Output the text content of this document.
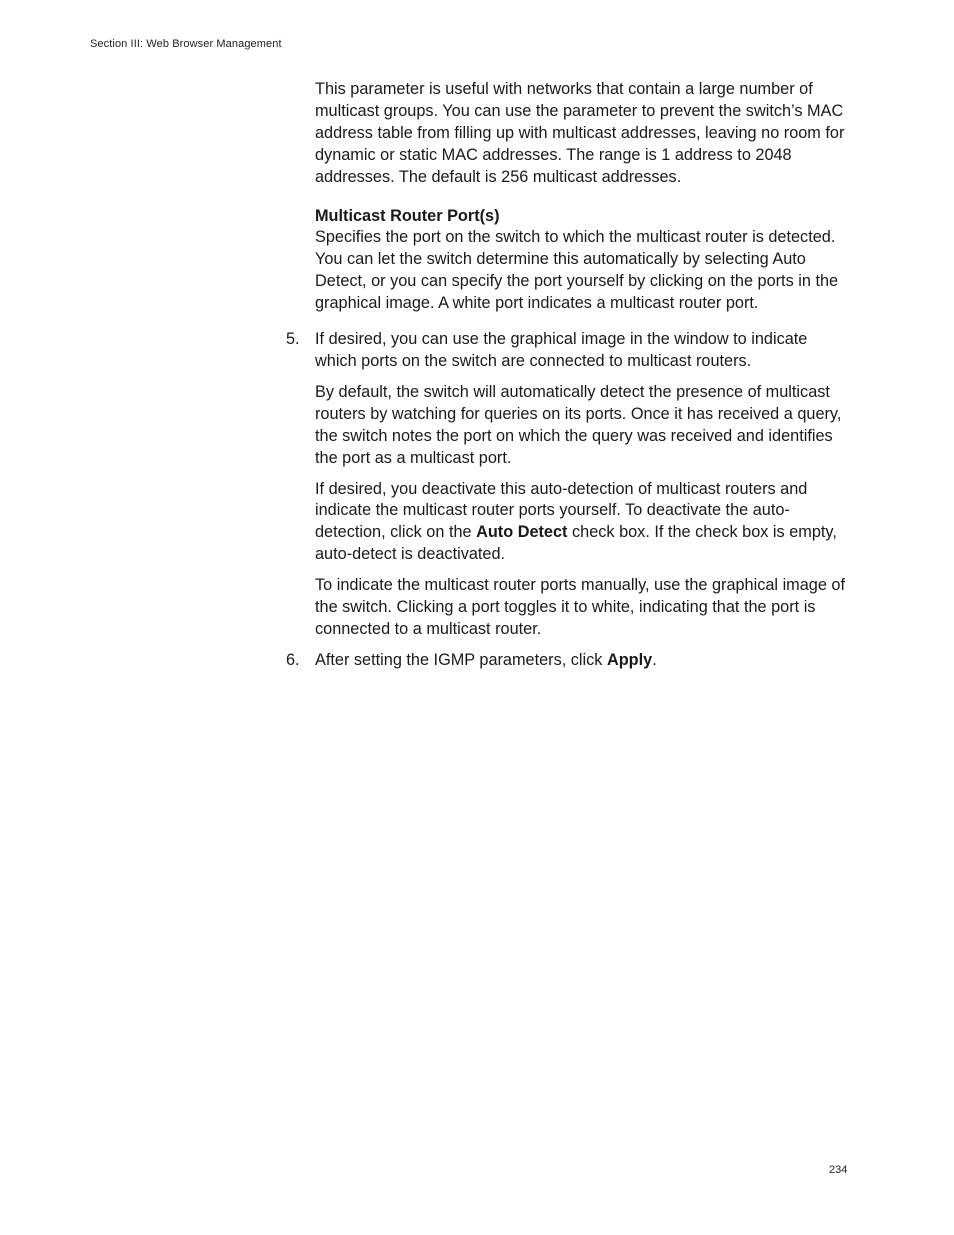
Section III: Web Browser Management

This parameter is useful with networks that contain a large number of multicast groups. You can use the parameter to prevent the switch’s MAC address table from filling up with multicast addresses, leaving no room for dynamic or static MAC addresses. The range is 1 address to 2048 addresses. The default is 256 multicast addresses.

Multicast Router Port(s)

Specifies the port on the switch to which the multicast router is detected. You can let the switch determine this automatically by selecting Auto Detect, or you can specify the port yourself by clicking on the ports in the graphical image. A white port indicates a multicast router port.

5. If desired, you can use the graphical image in the window to indicate which ports on the switch are connected to multicast routers.

By default, the switch will automatically detect the presence of multicast routers by watching for queries on its ports. Once it has received a query, the switch notes the port on which the query was received and identifies the port as a multicast port.

If desired, you deactivate this auto-detection of multicast routers and indicate the multicast router ports yourself. To deactivate the auto-detection, click on the Auto Detect check box. If the check box is empty, auto-detect is deactivated.

To indicate the multicast router ports manually, use the graphical image of the switch. Clicking a port toggles it to white, indicating that the port is connected to a multicast router.

6. After setting the IGMP parameters, click Apply.

234
